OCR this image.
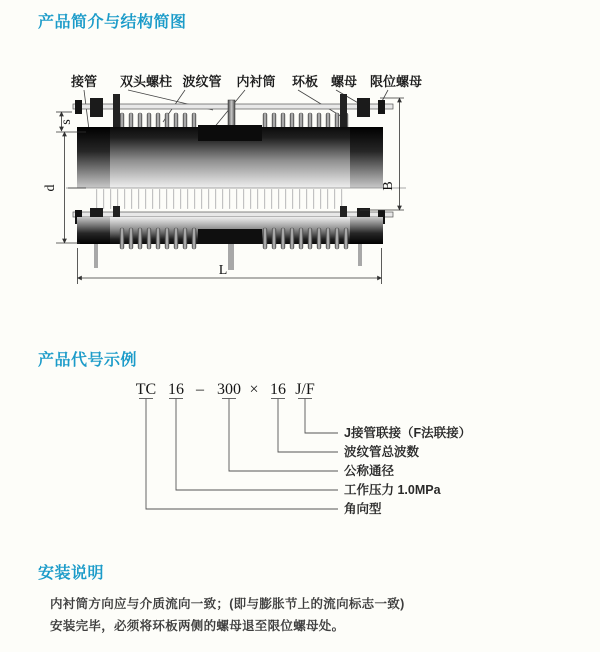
产品简介与结构简图
接管 双头螺柱 波纹管 内衬筒 环板 螺母 限位螺母
s
d	B
L
产品代号示例
TC 16 – 300 × 16 J/F
J接管联接（F法联接）
波纹管总波数
公称通径
工作压力 1.0MPa
角向型
安装说明

内衬筒方向应与介质流向一致；(即与膨胀节上的流向标志一致)

安装完毕，必须将环板两侧的螺母退至限位螺母处。
